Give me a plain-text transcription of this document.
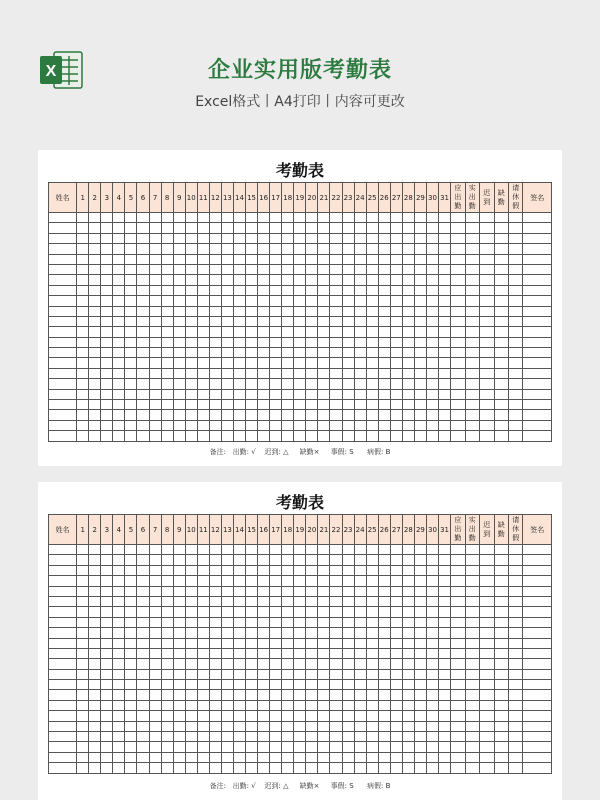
X	企业实用版考勤表
Excel格式丨A4打印丨内容可更改
考勤表
姓名	1	2	3	4	5	6	7	8	9	10	11	12	13	14	15	16	17	18	19	20	21	22	23	24	25	26	27	28	29	30	31	应
出
勤	实
出
勤	迟
到	缺
勤	请
休
假	签名

备注:   出勤: √    迟到: △     缺勤×     事假: S      病假: B
考勤表
姓名	1	2	3	4	5	6	7	8	9	10	11	12	13	14	15	16	17	18	19	20	21	22	23	24	25	26	27	28	29	30	31	应
出
勤	实
出
勤	迟
到	缺
勤	请
休
假	签名

备注:   出勤: √    迟到: △     缺勤×     事假: S      病假: B
